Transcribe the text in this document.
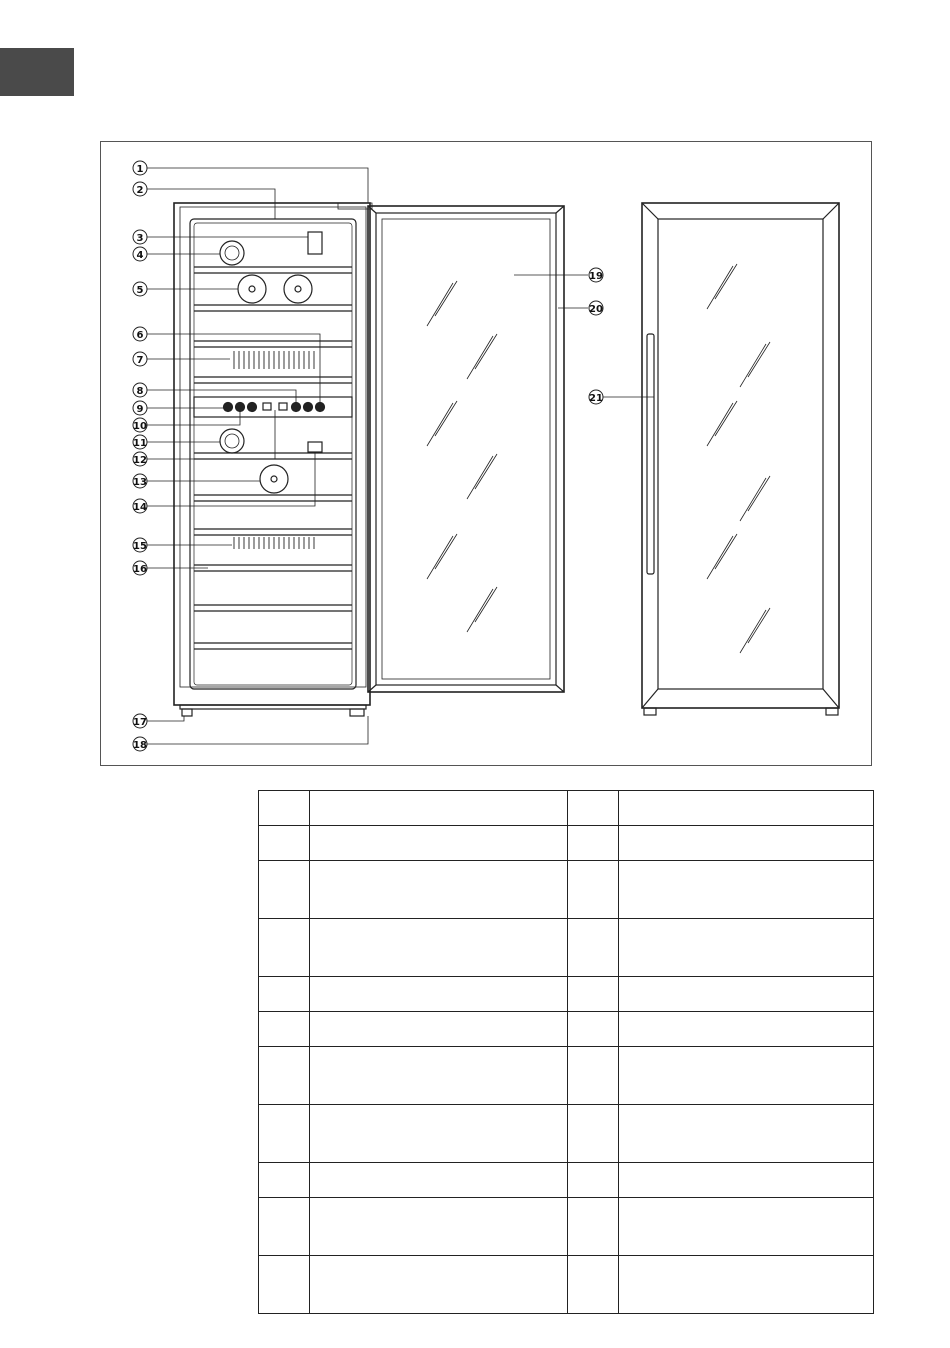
1
2
3
4
5
6
7
8
9
10
11
12
13
14
15
16
17
18
19
20
21
